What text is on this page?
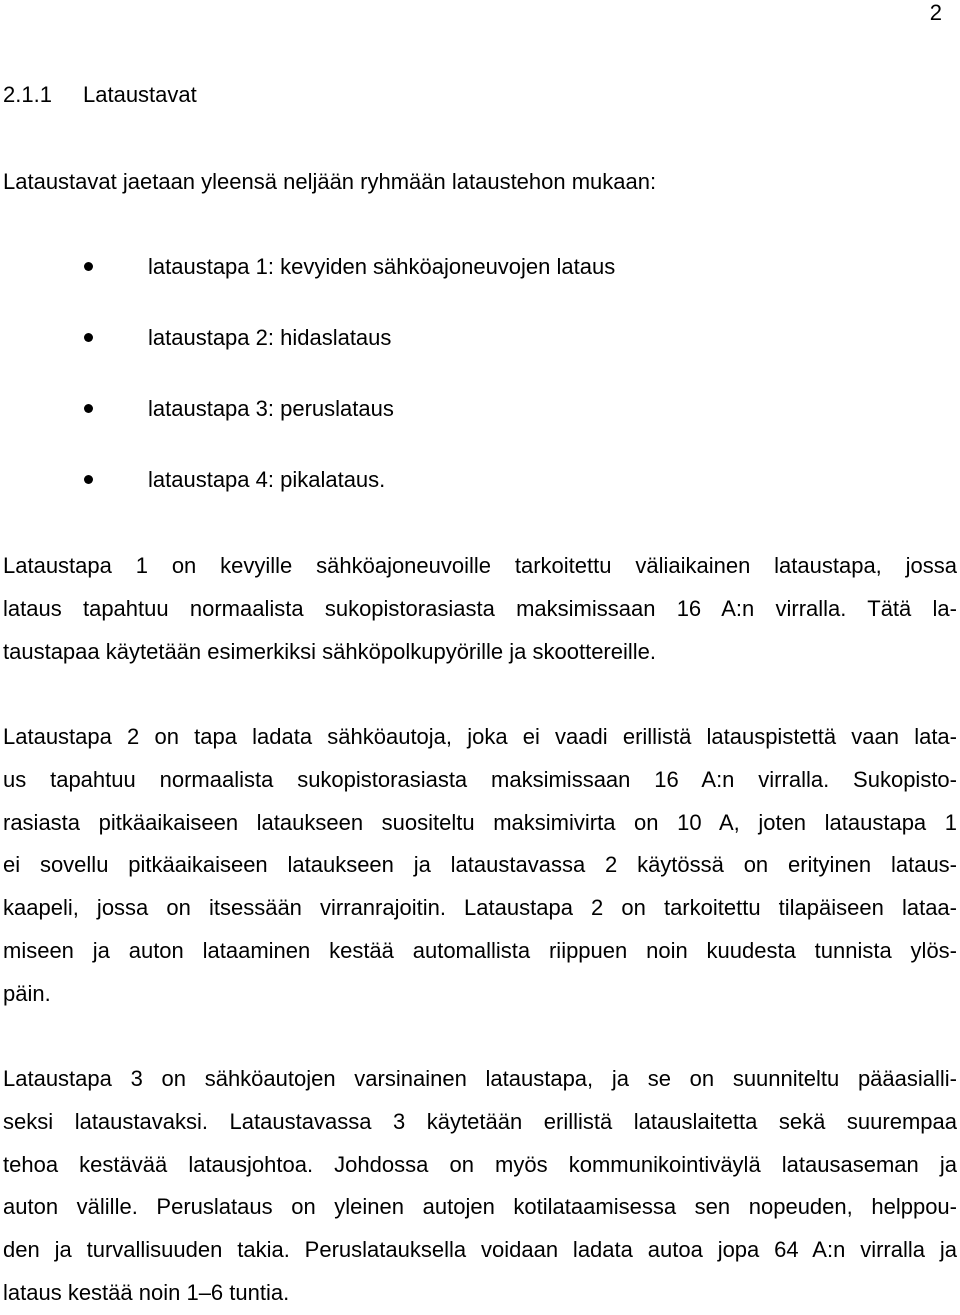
2
2.1.1 Lataustavat
Lataustavat jaetaan yleensä neljään ryhmään lataustehon mukaan:
lataustapa 1: kevyiden sähköajoneuvojen lataus
lataustapa 2: hidaslataus
lataustapa 3: peruslataus
lataustapa 4: pikalataus.

Lataustapa 1 on kevyille sähköajoneuvoille tarkoitettu väliaikainen lataustapa, jossa
lataus tapahtuu normaalista sukopistorasiasta maksimissaan 16 A:n virralla. Tätä la-
taustapaa käytetään esimerkiksi sähköpolkupyörille ja skoottereille.

Lataustapa 2 on tapa ladata sähköautoja, joka ei vaadi erillistä latauspistettä vaan lata-
us tapahtuu normaalista sukopistorasiasta maksimissaan 16 A:n virralla. Sukopisto-
rasiasta pitkäaikaiseen lataukseen suositeltu maksimivirta on 10 A, joten lataustapa 1
ei sovellu pitkäaikaiseen lataukseen ja lataustavassa 2 käytössä on erityinen lataus-
kaapeli, jossa on itsessään virranrajoitin. Lataustapa 2 on tarkoitettu tilapäiseen lataa-
miseen ja auton lataaminen kestää automallista riippuen noin kuudesta tunnista ylös-
päin.

Lataustapa 3 on sähköautojen varsinainen lataustapa, ja se on suunniteltu pääasialli-
seksi lataustavaksi. Lataustavassa 3 käytetään erillistä latauslaitetta sekä suurempaa
tehoa kestävää latausjohtoa. Johdossa on myös kommunikointiväylä latausaseman ja
auton välille. Peruslataus on yleinen autojen kotilataamisessa sen nopeuden, helppou-
den ja turvallisuuden takia. Peruslatauksella voidaan ladata autoa jopa 64 A:n virralla ja
lataus kestää noin 1–6 tuntia.
